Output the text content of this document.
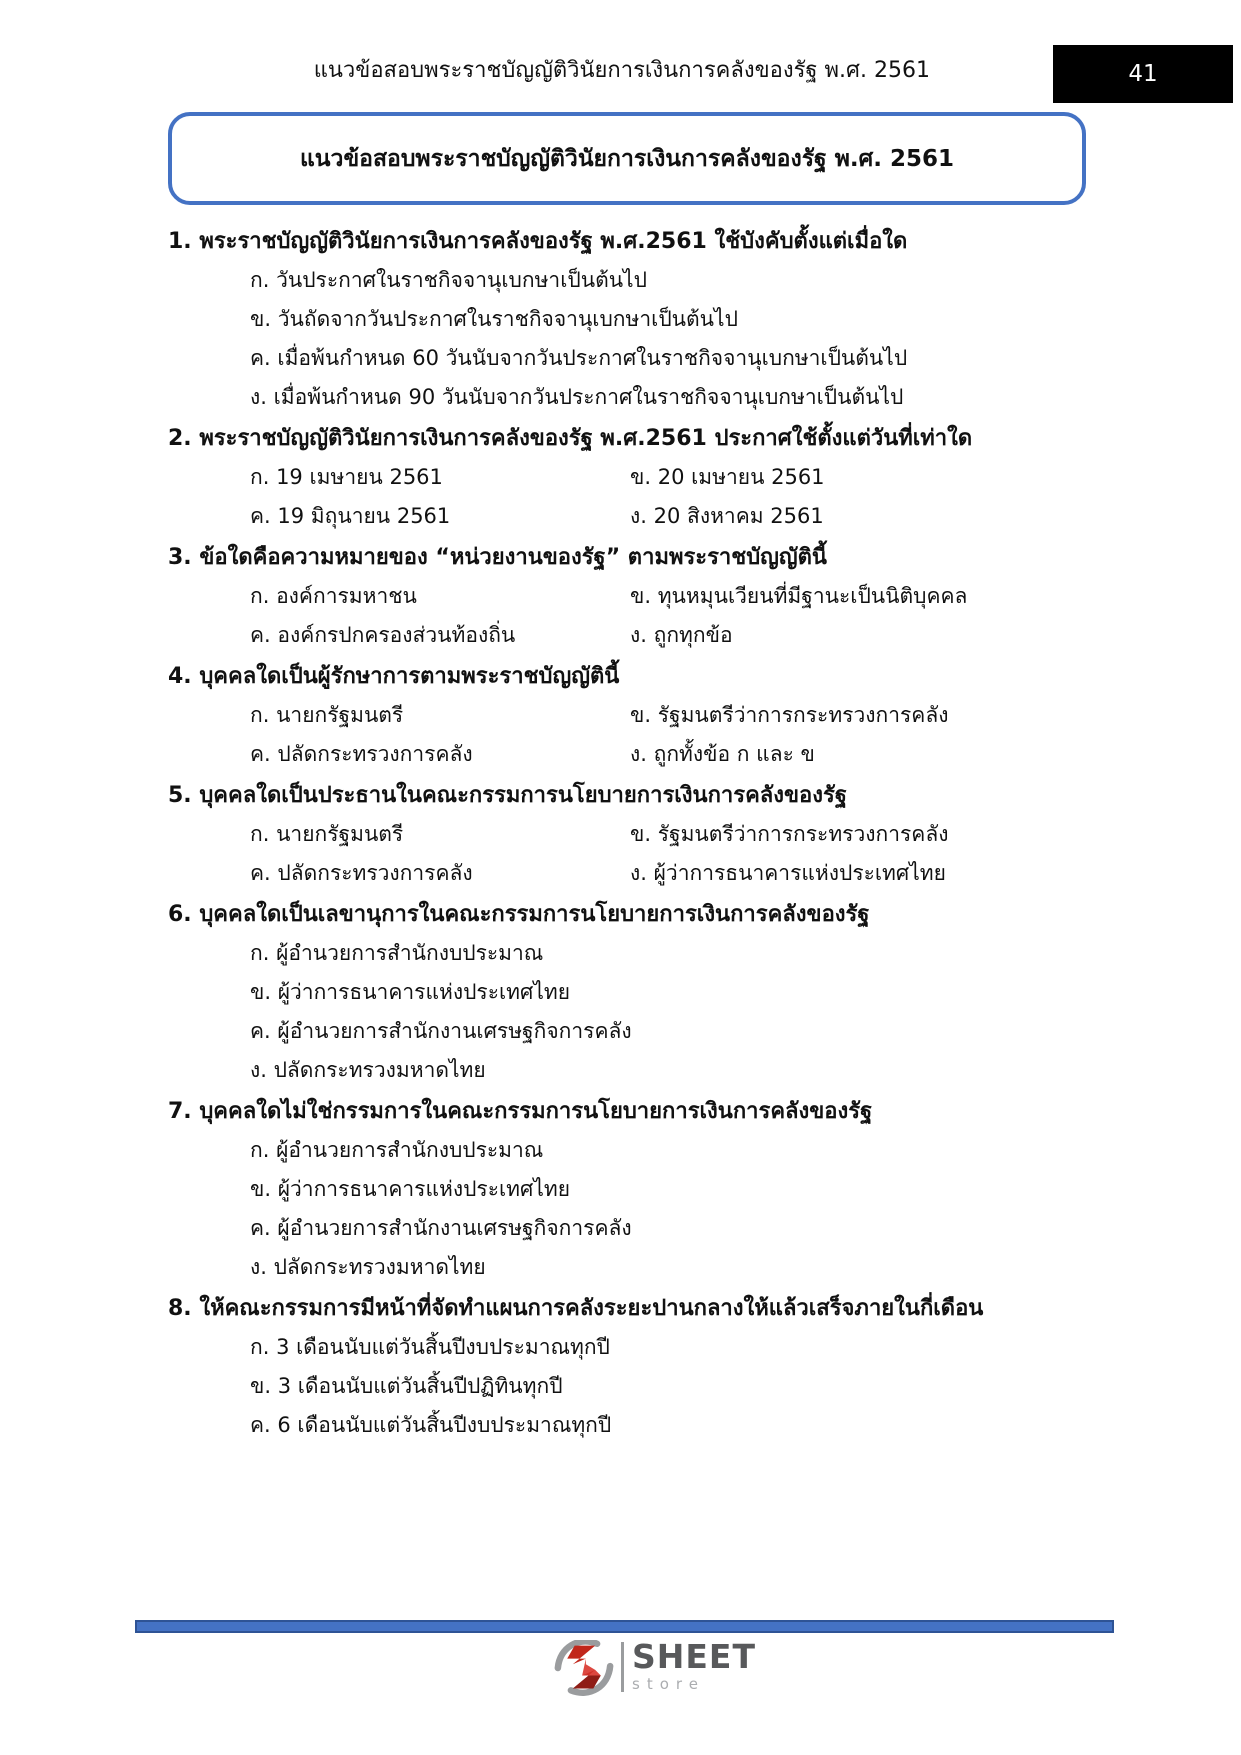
แนวข้อสอบพระราชบัญญัติวินัยการเงินการคลังของรัฐ พ.ศ. 2561	41
แนวข้อสอบพระราชบัญญัติวินัยการเงินการคลังของรัฐ พ.ศ. 2561
1. พระราชบัญญัติวินัยการเงินการคลังของรัฐ พ.ศ.2561 ใช้บังคับตั้งแต่เมื่อใด
ก. วันประกาศในราชกิจจานุเบกษาเป็นต้นไป
ข. วันถัดจากวันประกาศในราชกิจจานุเบกษาเป็นต้นไป
ค. เมื่อพ้นกำหนด 60 วันนับจากวันประกาศในราชกิจจานุเบกษาเป็นต้นไป
ง. เมื่อพ้นกำหนด 90 วันนับจากวันประกาศในราชกิจจานุเบกษาเป็นต้นไป
2. พระราชบัญญัติวินัยการเงินการคลังของรัฐ พ.ศ.2561 ประกาศใช้ตั้งแต่วันที่เท่าใด
ก. 19 เมษายน 2561	ข. 20 เมษายน 2561
ค. 19 มิถุนายน 2561	ง. 20 สิงหาคม 2561
3. ข้อใดคือความหมายของ “หน่วยงานของรัฐ” ตามพระราชบัญญัตินี้
ก. องค์การมหาชน	ข. ทุนหมุนเวียนที่มีฐานะเป็นนิติบุคคล
ค. องค์กรปกครองส่วนท้องถิ่น	ง. ถูกทุกข้อ
4. บุคคลใดเป็นผู้รักษาการตามพระราชบัญญัตินี้
ก. นายกรัฐมนตรี	ข. รัฐมนตรีว่าการกระทรวงการคลัง
ค. ปลัดกระทรวงการคลัง	ง. ถูกทั้งข้อ ก และ ข
5. บุคคลใดเป็นประธานในคณะกรรมการนโยบายการเงินการคลังของรัฐ
ก. นายกรัฐมนตรี	ข. รัฐมนตรีว่าการกระทรวงการคลัง
ค. ปลัดกระทรวงการคลัง	ง. ผู้ว่าการธนาคารแห่งประเทศไทย
6. บุคคลใดเป็นเลขานุการในคณะกรรมการนโยบายการเงินการคลังของรัฐ
ก. ผู้อำนวยการสำนักงบประมาณ
ข. ผู้ว่าการธนาคารแห่งประเทศไทย
ค. ผู้อำนวยการสำนักงานเศรษฐกิจการคลัง
ง. ปลัดกระทรวงมหาดไทย
7. บุคคลใดไม่ใช่กรรมการในคณะกรรมการนโยบายการเงินการคลังของรัฐ
ก. ผู้อำนวยการสำนักงบประมาณ
ข. ผู้ว่าการธนาคารแห่งประเทศไทย
ค. ผู้อำนวยการสำนักงานเศรษฐกิจการคลัง
ง. ปลัดกระทรวงมหาดไทย
8. ให้คณะกรรมการมีหน้าที่จัดทำแผนการคลังระยะปานกลางให้แล้วเสร็จภายในกี่เดือน
ก. 3 เดือนนับแต่วันสิ้นปีงบประมาณทุกปี
ข. 3 เดือนนับแต่วันสิ้นปีปฏิทินทุกปี
ค. 6 เดือนนับแต่วันสิ้นปีงบประมาณทุกปี
SHEET
store
